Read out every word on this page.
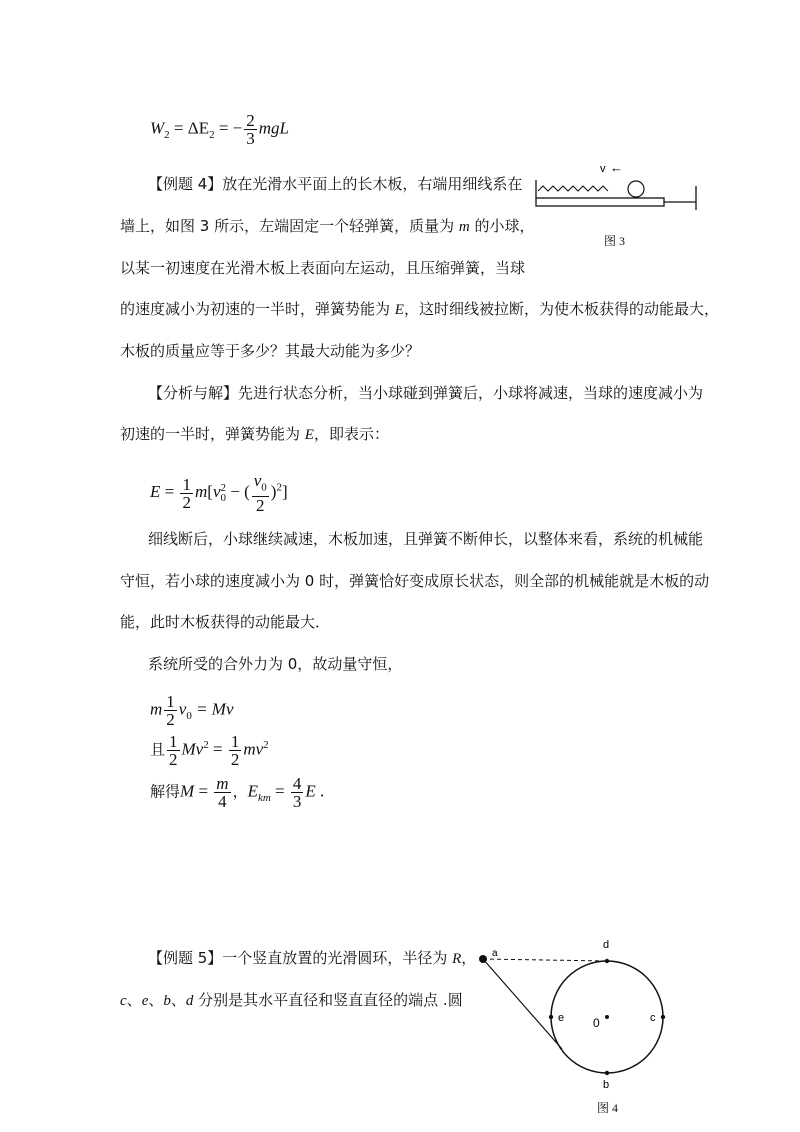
$W_2 = \Delta E_2$ = − $\frac{2}{3}$ mgL
【例题 4】放在光滑水平面上的长木板，右端用细线系在
墙上，如图 3 所示，左端固定一个轻弹簧，质量为 m 的小球，
以某一初速度在光滑木板上表面向左运动，且压缩弹簧，当球
的速度减小为初速的一半时，弹簧势能为 E，这时细线被拉断，为使木板获得的动能最大，
木板的质量应等于多少？其最大动能为多少？
v ←
图 3
【分析与解】先进行状态分析，当小球碰到弹簧后，小球将减速，当球的速度减小为
初速的一半时，弹簧势能为 E，即表示：
$E = \frac{1}{2} m[v$ 2
0 − ( $\frac{v_0}{2} )^2$]
细线断后，小球继续减速，木板加速，且弹簧不断伸长，以整体来看，系统的机械能
守恒，若小球的速度减小为 0 时，弹簧恰好变成原长状态，则全部的机械能就是木板的动
能，此时木板获得的动能最大．
系统所受的合外力为 0，故动量守恒，
m $\frac{1}{2} v_0 = Mv$
且 $\frac{1}{2} Mv^2 = \frac{1}{2} mv^2$
解得$M = \frac{m}{4}$ ，$E_{km} = \frac{4}{3}$ E .
【例题 5】一个竖直放置的光滑圆环，半径为 R，
c、e、b、d 分别是其水平直径和竖直直径的端点 .圆
a
d
e 0	c
b
图 4
